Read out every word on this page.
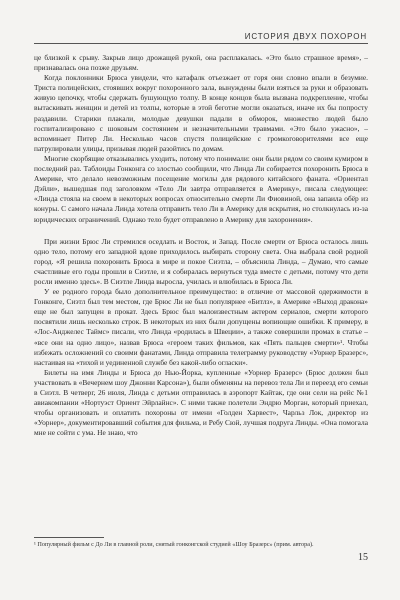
ИСТОРИЯ ДВУХ ПОХОРОН

це близкой к срыву. Закрыв лицо дрожащей рукой, она расплакалась. «Это было страшное время», – признавалась она позже друзьям.

Когда поклонники Брюса увидели, что катафалк отъезжает от горя они словно впали в безумие. Триста полицейских, стоявших вокруг похоронного зала, вынуждены были взяться за руки и образовать живую цепочку, чтобы сдержать бушующую толпу. В конце концов была вызвана подкрепление, чтобы вытаскивать женщин и детей из толпы, которые в этой беготне могли оказаться, иначе их бы попросту раздавили. Старики плакали, молодые девушки падали в обморок, множество людей было госпитализировано с шоковым состоянием и незначительными травмами. «Это было ужасно», – вспоминает Питер Ли. Несколько часов спустя полицейские с громкоговорителями все еще патрулировали улицы, призывая людей разойтись по домам.

Многие скорбящие отказывались уходить, потому что понимали: они были рядом со своим кумиром в последний раз. Таблоиды Гонконга со злостью сообщили, что Линда Ли собирается похоронить Брюса в Америке, что делало невозможным посещение могилы для рядового китайского фаната. «Ориентал Дэйли», вышедшая под заголовком «Тело Ли завтра отправляется в Америку», писала следующее: «Линда стояла на своем в некоторых вопросах относительно смерти Ли Фиовиной, она запаила обёр из конуры. С самого начала Линда хотела отправить тело Ли в Америку для вскрытия, но столкнулась из-за юридических ограничений. Однако тело будет отправлено в Америку для захоронения».

При жизни Брюс Ли стремился оседлать и Восток, и Запад. После смерти от Брюса осталось лишь одно тело, потому его западной вдове приходилось выбирать сторону света. Она выбрала свой родной город. «Я решила похоронить Брюса в мире и покое Сиэтла, – объяснила Линда, – Думаю, что самые счастливые его годы прошли в Сиэтле, и я собиралась вернуться туда вместе с детьми, потому что дети росли именно здесь». В Сиэтле Линда выросла, училась и влюбилась в Брюса Ли.

У ее родного города было дополнительное преимущество: в отличие от массовой одержимости в Гонконге, Сиэтл был тем местом, где Брюс Ли не был популярнее «Битлз», в Америке «Выход дракона» еще не был запущен в прокат. Здесь Брюс был малоизвестным актером сериалов, смерти которого посвятили лишь несколько строк. В некоторых из них были допущены вопиющие ошибки. К примеру, в «Лос-Анджелес Таймс» писали, что Линда «родилась в Швеции», а также совершили промах в статье – «все они на одно лицо», назвав Брюса «героем таких фильмов, как «Пять пальцев смерти»¹. Чтобы избежать осложнений со своими фанатами, Линда отправила телеграмму руководству «Уорнер Бразерс», настаивая на «тихой и уединенной службе без какой-либо огласки».

Билеты на имя Линды и Брюса до Нью-Йорка, купленные «Уорнер Бразерс» (Брюс должен был участвовать в «Вечернем шоу Джонни Карсона»), были обменяны на перевоз тела Ли и переезд его семьи в Сиэтл. В четверг, 26 июля, Линда с детьми отправилась в аэропорт Кайтак, где они сели на рейс №1 авиакомпании «Нортуэст Ориент Эйрлайнс». С ними также полетели Эндрю Морган, который приехал, чтобы организовать и оплатить похороны от имени «Голден Харвест», Чарльз Лок, директор из «Уорнер», документировавший события для фильма, и Ребу Сюй, лучшая подруга Линды. «Она помогала мне не сойти с ума. Не знаю, что

¹ Популярный фильм с До Ли в главной роли, снятый гонконгской студией «Шоу Бразерс» (прим. автора).
15
